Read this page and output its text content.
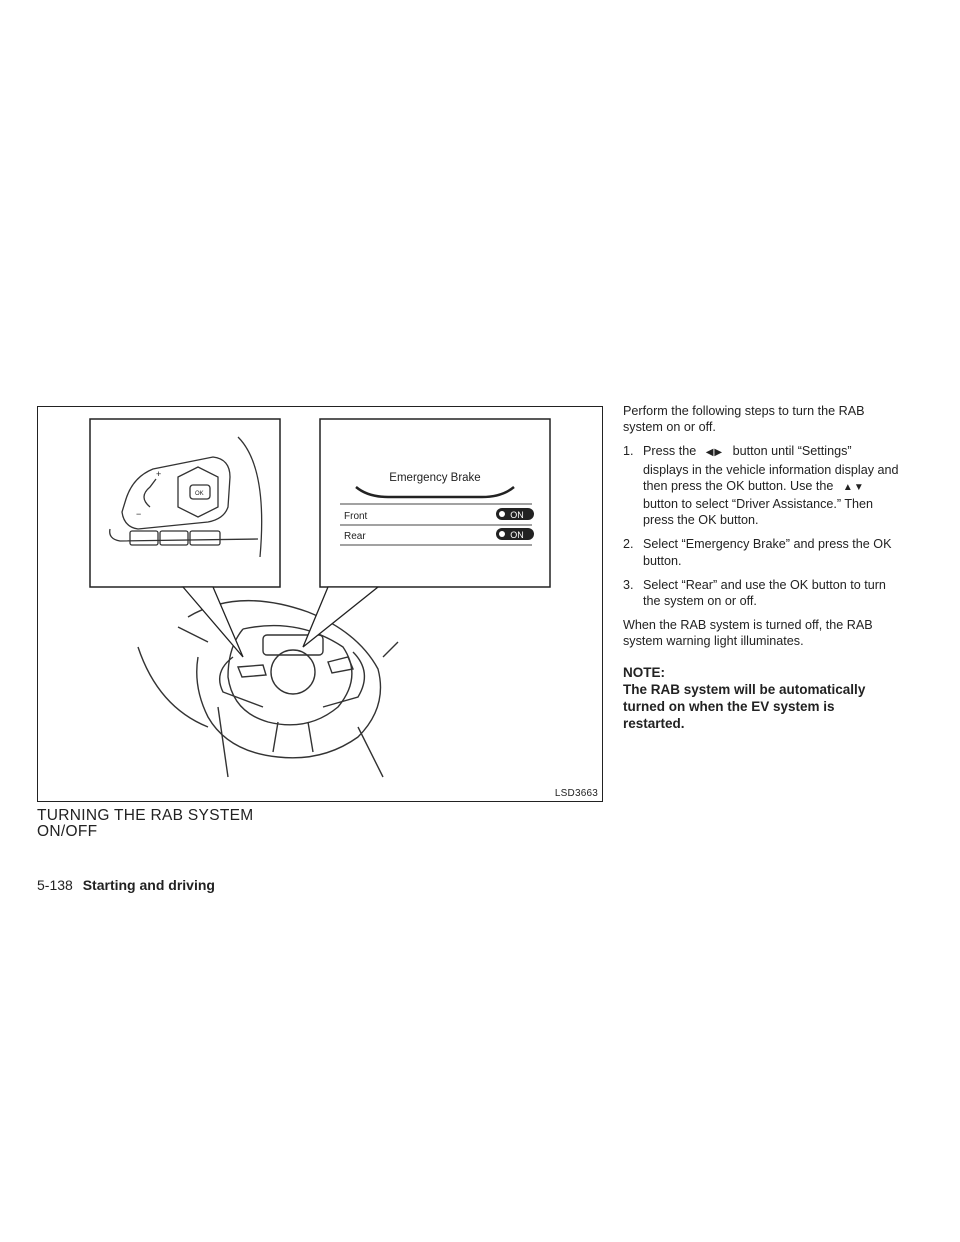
+
−
OK
Emergency Brake
Front
Rear
ON
ON
LSD3663
TURNING THE RAB SYSTEM
ON/OFF

Perform the following steps to turn the RAB system on or off.

1. Press the ◀▶ button until “Settings” displays in the vehicle information display and then press the OK button. Use the ▲▼ button to select “Driver Assistance.” Then press the OK button.
2. Select “Emergency Brake” and press the OK button.
3. Select “Rear” and use the OK button to turn the system on or off.

When the RAB system is turned off, the RAB system warning light illuminates.

NOTE:
The RAB system will be automatically turned on when the EV system is restarted.
5-138 Starting and driving
